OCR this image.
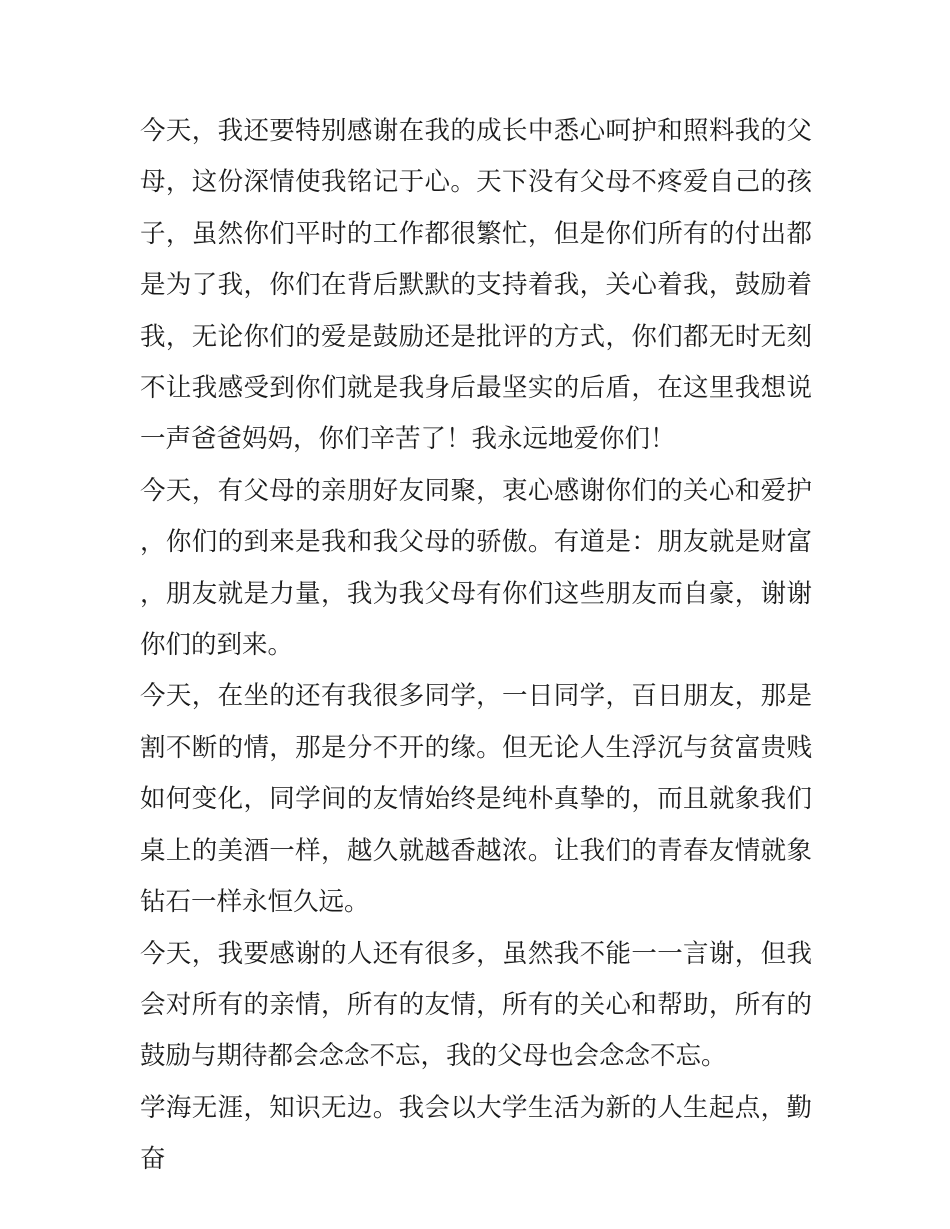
今天，我还要特别感谢在我的成长中悉心呵护和照料我的父母，这份深情使我铭记于心。天下没有父母不疼爱自己的孩子，虽然你们平时的工作都很繁忙，但是你们所有的付出都是为了我，你们在背后默默的支持着我，关心着我，鼓励着我，无论你们的爱是鼓励还是批评的方式，你们都无时无刻不让我感受到你们就是我身后最坚实的后盾，在这里我想说一声爸爸妈妈，你们辛苦了！我永远地爱你们！

今天，有父母的亲朋好友同聚，衷心感谢你们的关心和爱护，你们的到来是我和我父母的骄傲。有道是：朋友就是财富，朋友就是力量，我为我父母有你们这些朋友而自豪，谢谢你们的到来。

今天，在坐的还有我很多同学，一日同学，百日朋友，那是割不断的情，那是分不开的缘。但无论人生浮沉与贫富贵贱如何变化，同学间的友情始终是纯朴真挚的，而且就象我们桌上的美酒一样，越久就越香越浓。让我们的青春友情就象钻石一样永恒久远。

今天，我要感谢的人还有很多，虽然我不能一一言谢，但我会对所有的亲情，所有的友情，所有的关心和帮助，所有的鼓励与期待都会念念不忘，我的父母也会念念不忘。

学海无涯，知识无边。我会以大学生活为新的人生起点，勤奋
